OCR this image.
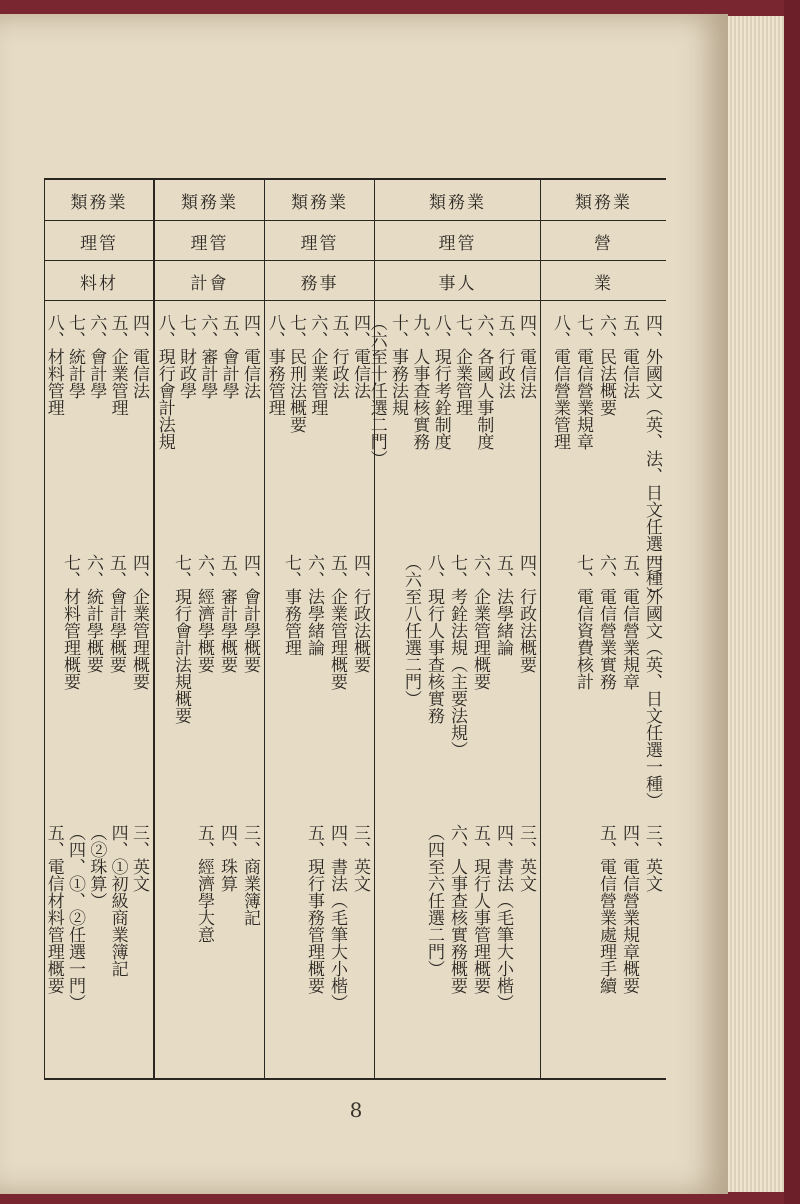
類務業
營
業
四、外國文（英、法、日文任選一種）
五、電信法
六、民法概要
七、電信營業規章
八、電信營業管理
四、外國文（英、日文任選一種）
五、電信營業規章
六、電信營業實務
七、電信資費核計
三、英文
四、電信營業規章概要
五、電信營業處理手續
類務業
理管
事人
四、電信法
五、行政法
六、各國人事制度
七、企業管理
八、現行考銓制度
九、人事查核實務
十、事務法規
（六至十任選二門）
四、行政法概要
五、法學緒論
六、企業管理概要
七、考銓法規（主要法規）
八、現行人事查核實務
（六至八任選二門）
三、英文
四、書法（毛筆大小楷）
五、現行人事管理概要
六、人事查核實務概要
（四至六任選二門）
類務業
理管
務事
四、電信法
五、行政法
六、企業管理
七、民刑法概要
八、事務管理
四、行政法概要
五、企業管理概要
六、法學緒論
七、事務管理
三、英文
四、書法（毛筆大小楷）
五、現行事務管理概要
類務業
理管
計會
四、電信法
五、會計學
六、審計學
七、財政學
八、現行會計法規
四、會計學概要
五、審計學概要
六、經濟學概要
七、現行會計法規概要
三、商業簿記
四、珠算
五、經濟學大意
類務業
理管
料材
四、電信法
五、企業管理
六、會計學
七、統計學
八、材料管理
四、企業管理概要
五、會計學概要
六、統計學概要
七、材料管理概要
三、英文
四、①初級商業簿記
（②珠算）
（四、①、②任選一門）
五、電信材料管理概要
8
